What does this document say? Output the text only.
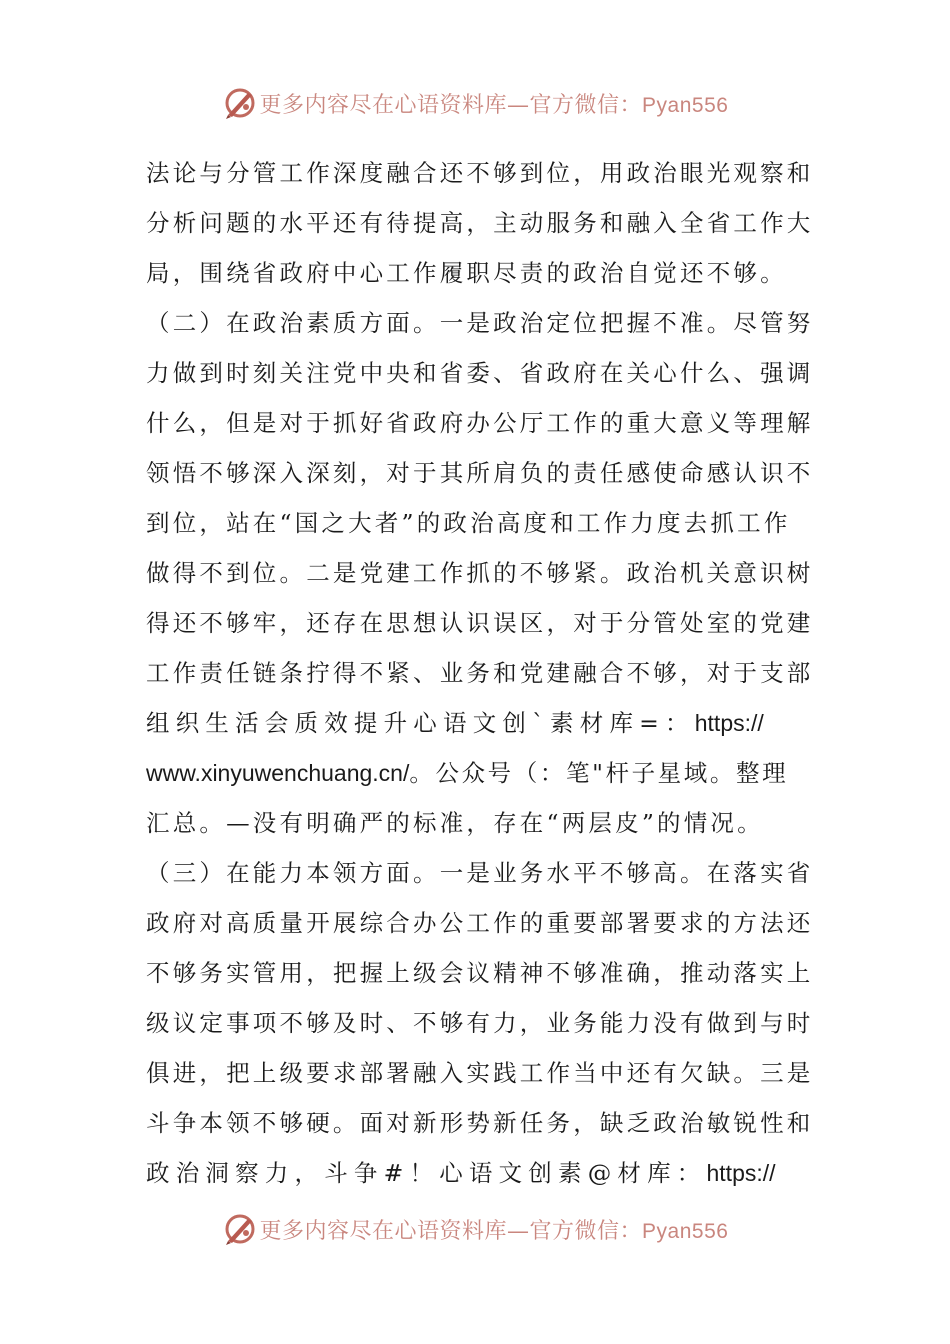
更多内容尽在心语资料库—官方微信：Pyan556
法论与分管工作深度融合还不够到位，用政治眼光观察和
分析问题的水平还有待提高，主动服务和融入全省工作大
局，围绕省政府中心工作履职尽责的政治自觉还不够。
（二）在政治素质方面。一是政治定位把握不准。尽管努
力做到时刻关注党中央和省委、省政府在关心什么、强调
什么，但是对于抓好省政府办公厅工作的重大意义等理解
领悟不够深入深刻，对于其所肩负的责任感使命感认识不
到位，站在“国之大者”的政治高度和工作力度去抓工作
做得不到位。二是党建工作抓的不够紧。政治机关意识树
得还不够牢，还存在思想认识误区，对于分管处室的党建
工作责任链条拧得不紧、业务和党建融合不够，对于支部
组织生活会质效提升心语文创`素材库=：https://
www.xinyuwenchuang.cn/。公众号（：笔"杆子星域。整理
汇总。—没有明确严的标准，存在“两层皮”的情况。
（三）在能力本领方面。一是业务水平不够高。在落实省
政府对高质量开展综合办公工作的重要部署要求的方法还
不够务实管用，把握上级会议精神不够准确，推动落实上
级议定事项不够及时、不够有力，业务能力没有做到与时
俱进，把上级要求部署融入实践工作当中还有欠缺。三是
斗争本领不够硬。面对新形势新任务，缺乏政治敏锐性和
政治洞察力，斗争#！心语文创素@材库：https://
更多内容尽在心语资料库—官方微信：Pyan556
